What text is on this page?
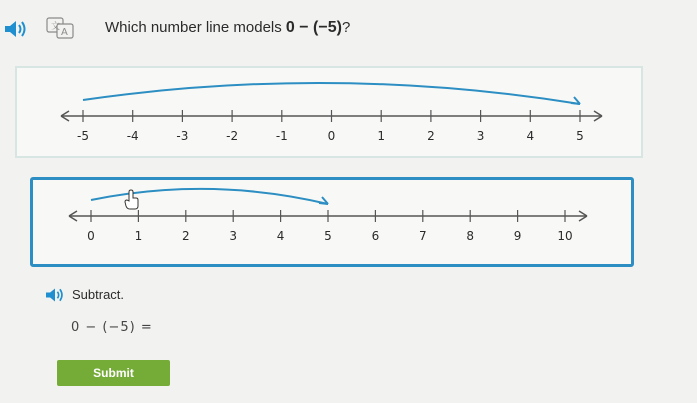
文 A Which number line models 0 − (−5)?
-5	-4	-3	-2	-1	0	1	2	3	4	5
0	1	2	3	4	5	6	7	8	9	10
Subtract.
0 − (−5) =
Submit
